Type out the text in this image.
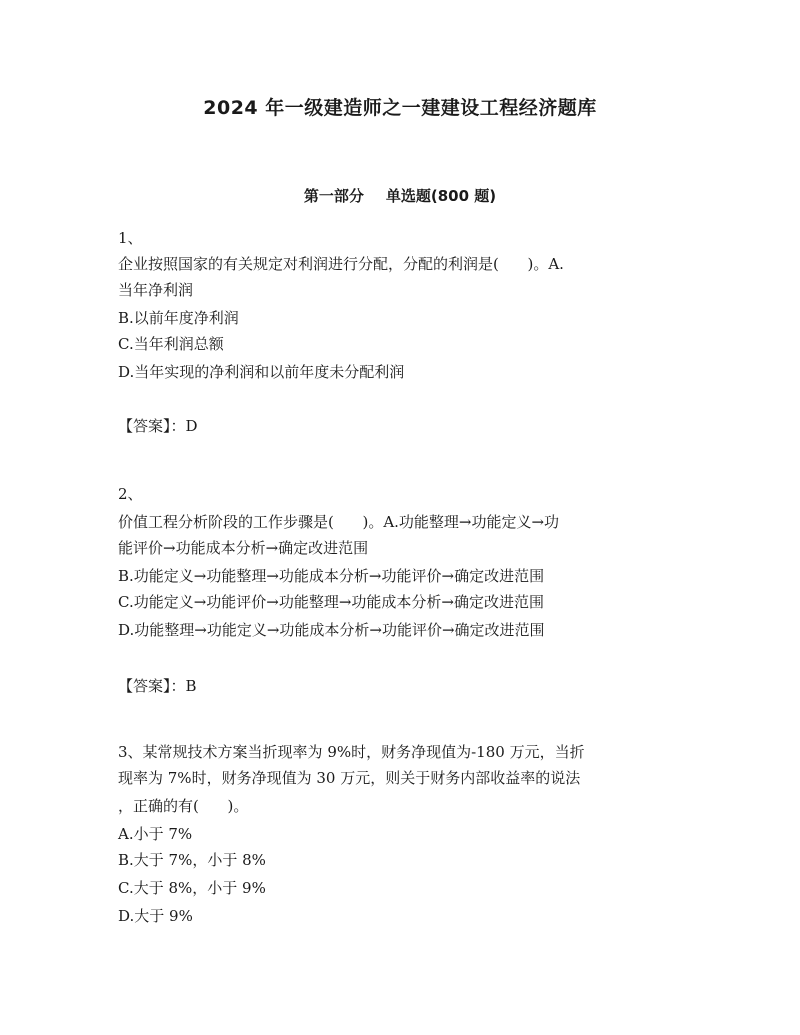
2024 年一级建造师之一建建设工程经济题库
第一部分 单选题(800 题)
1、
企业按照国家的有关规定对利润进行分配，分配的利润是(      )。A.
当年净利润
B.以前年度净利润
C.当年利润总额
D.当年实现的净利润和以前年度未分配利润
【答案】：D
2、
价值工程分析阶段的工作步骤是(      )。A.功能整理→功能定义→功
能评价→功能成本分析→确定改进范围
B.功能定义→功能整理→功能成本分析→功能评价→确定改进范围
C.功能定义→功能评价→功能整理→功能成本分析→确定改进范围
D.功能整理→功能定义→功能成本分析→功能评价→确定改进范围
【答案】：B
3、某常规技术方案当折现率为 9%时，财务净现值为-180 万元，当折
现率为 7%时，财务净现值为 30 万元，则关于财务内部收益率的说法
，正确的有(      )。
A.小于 7%
B.大于 7%，小于 8%
C.大于 8%，小于 9%
D.大于 9%
